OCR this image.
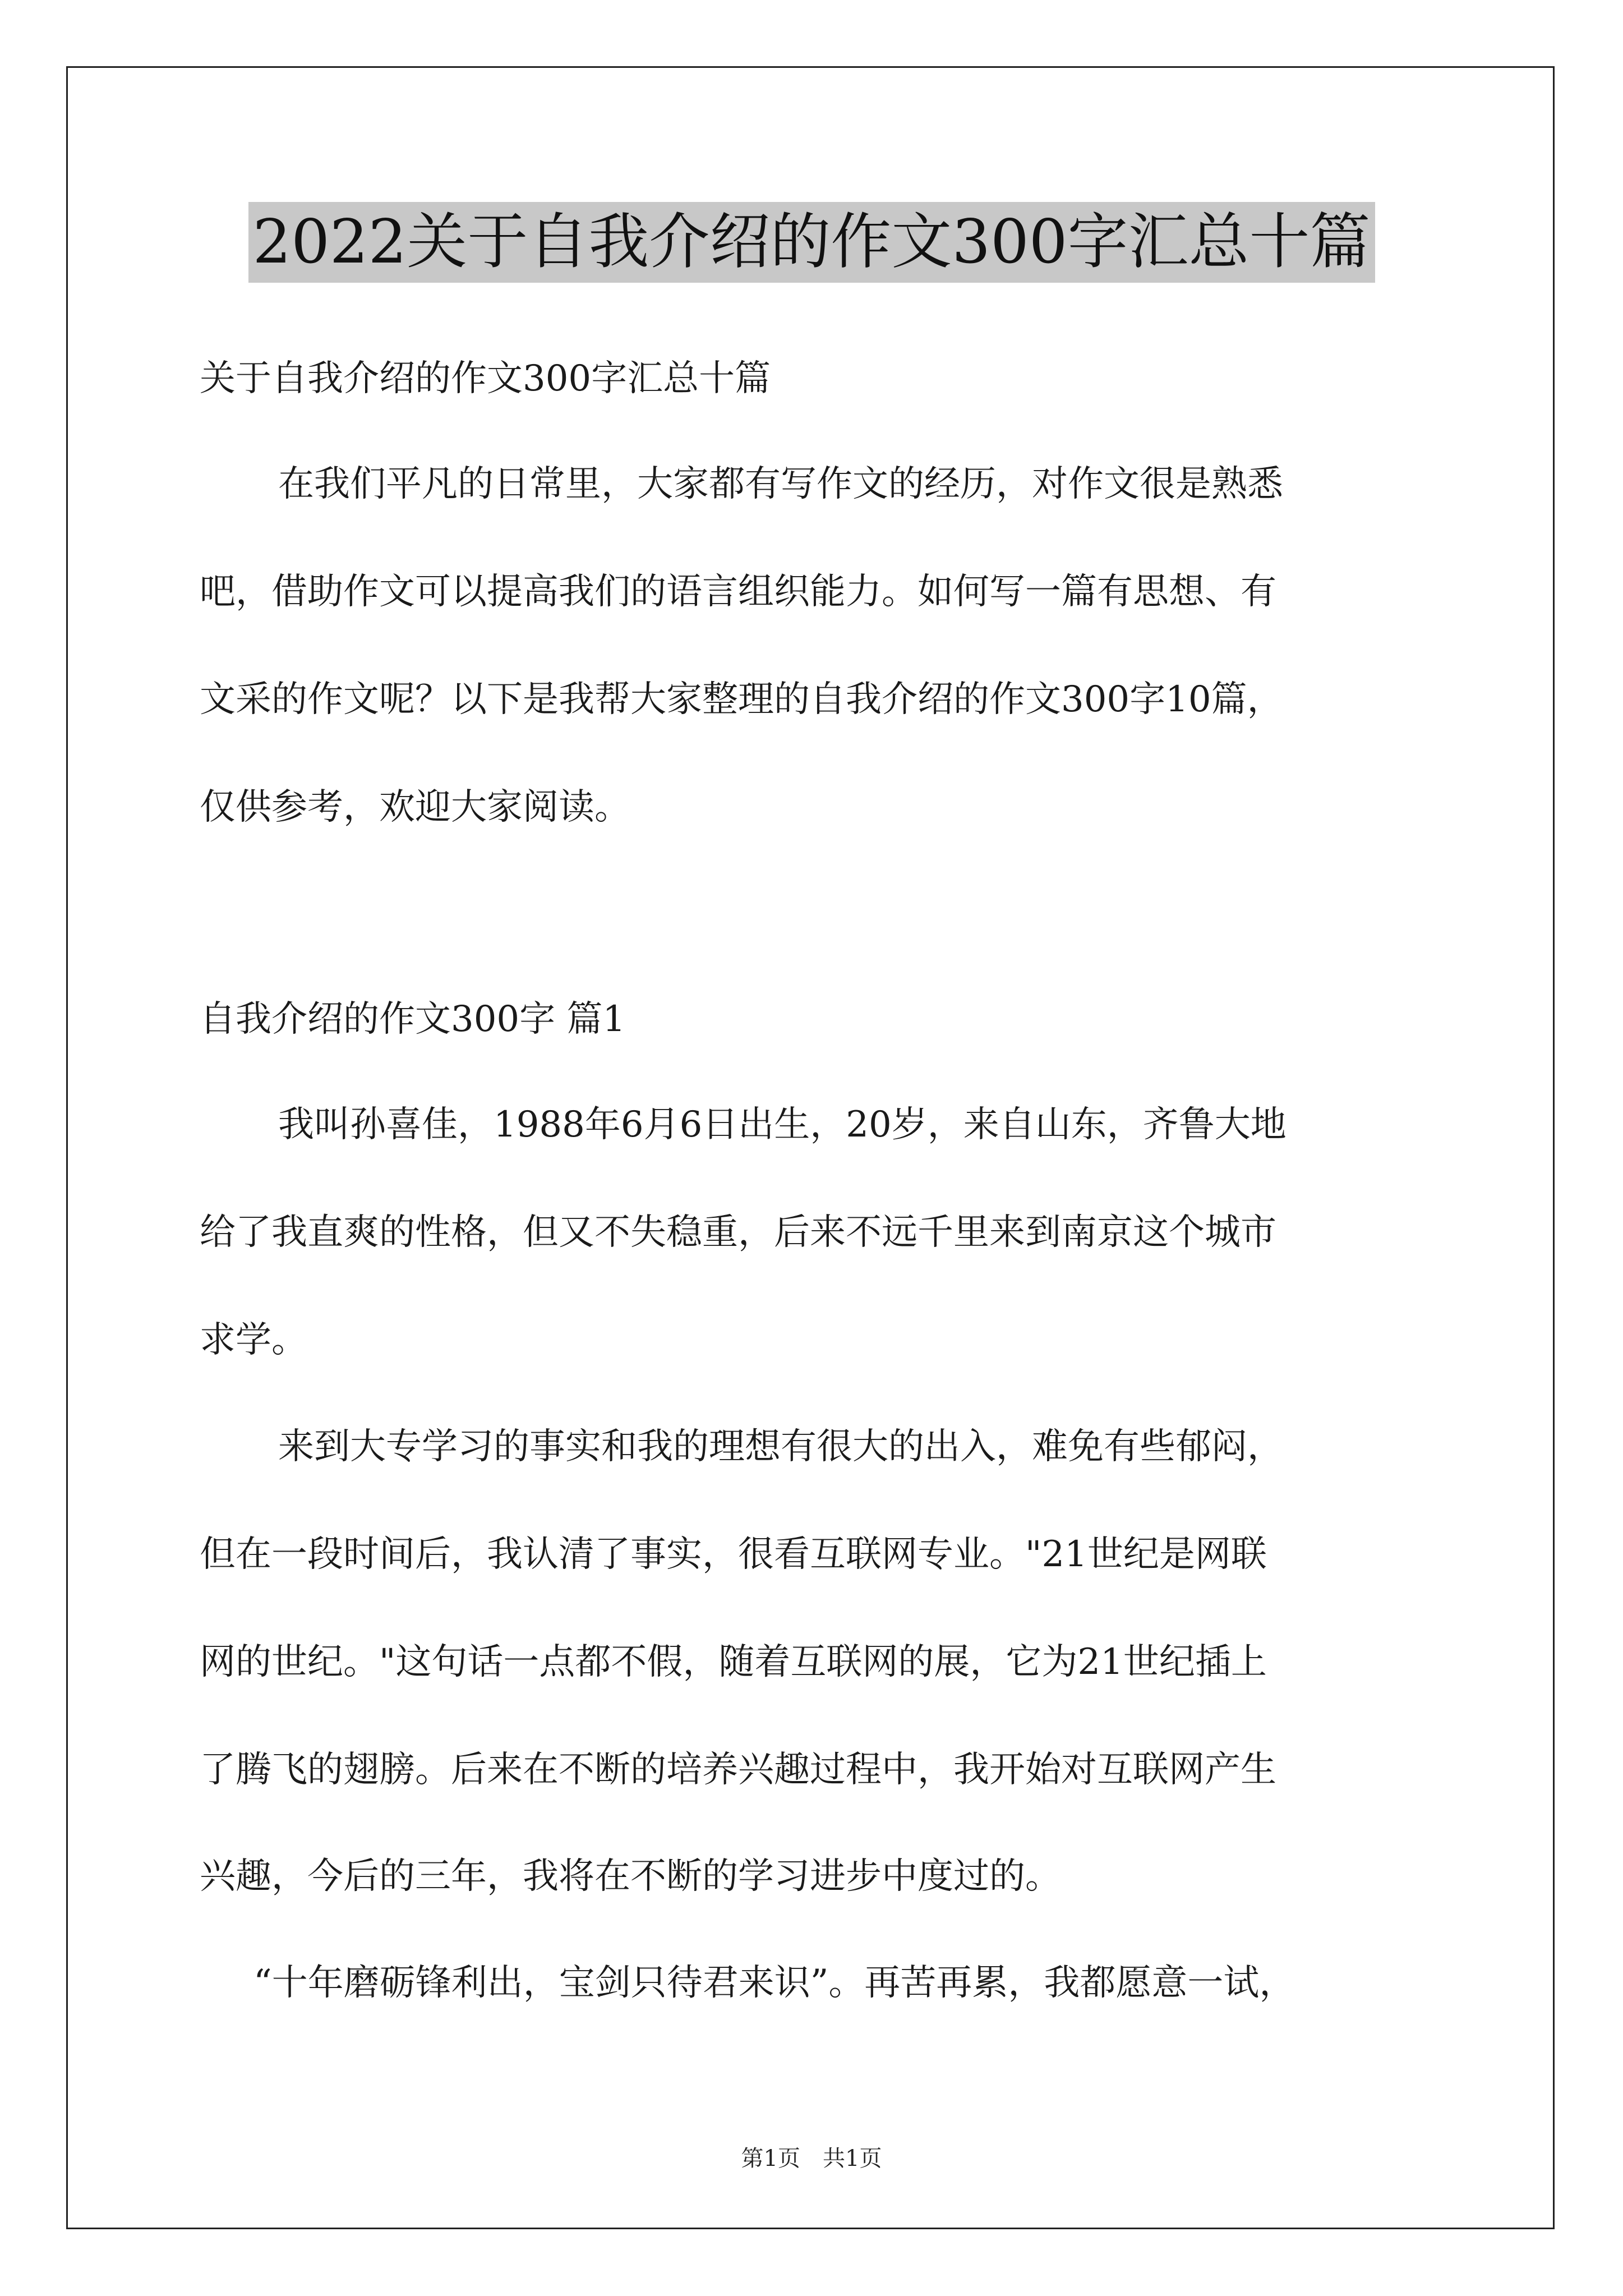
2022关于自我介绍的作文300字汇总十篇
关于自我介绍的作文300字汇总十篇
在我们平凡的日常里，大家都有写作文的经历，对作文很是熟悉
吧，借助作文可以提高我们的语言组织能力。如何写一篇有思想、有
文采的作文呢？以下是我帮大家整理的自我介绍的作文300字10篇，
仅供参考，欢迎大家阅读。
自我介绍的作文300字 篇1
我叫孙喜佳，1988年6月6日出生，20岁，来自山东，齐鲁大地
给了我直爽的性格，但又不失稳重，后来不远千里来到南京这个城市
求学。
来到大专学习的事实和我的理想有很大的出入，难免有些郁闷，
但在一段时间后，我认清了事实，很看互联网专业。"21世纪是网联
网的世纪。"这句话一点都不假，随着互联网的展，它为21世纪插上
了腾飞的翅膀。后来在不断的培养兴趣过程中，我开始对互联网产生
兴趣，今后的三年，我将在不断的学习进步中度过的。
“十年磨砺锋利出，宝剑只待君来识”。再苦再累，我都愿意一试，
第1页 共1页
